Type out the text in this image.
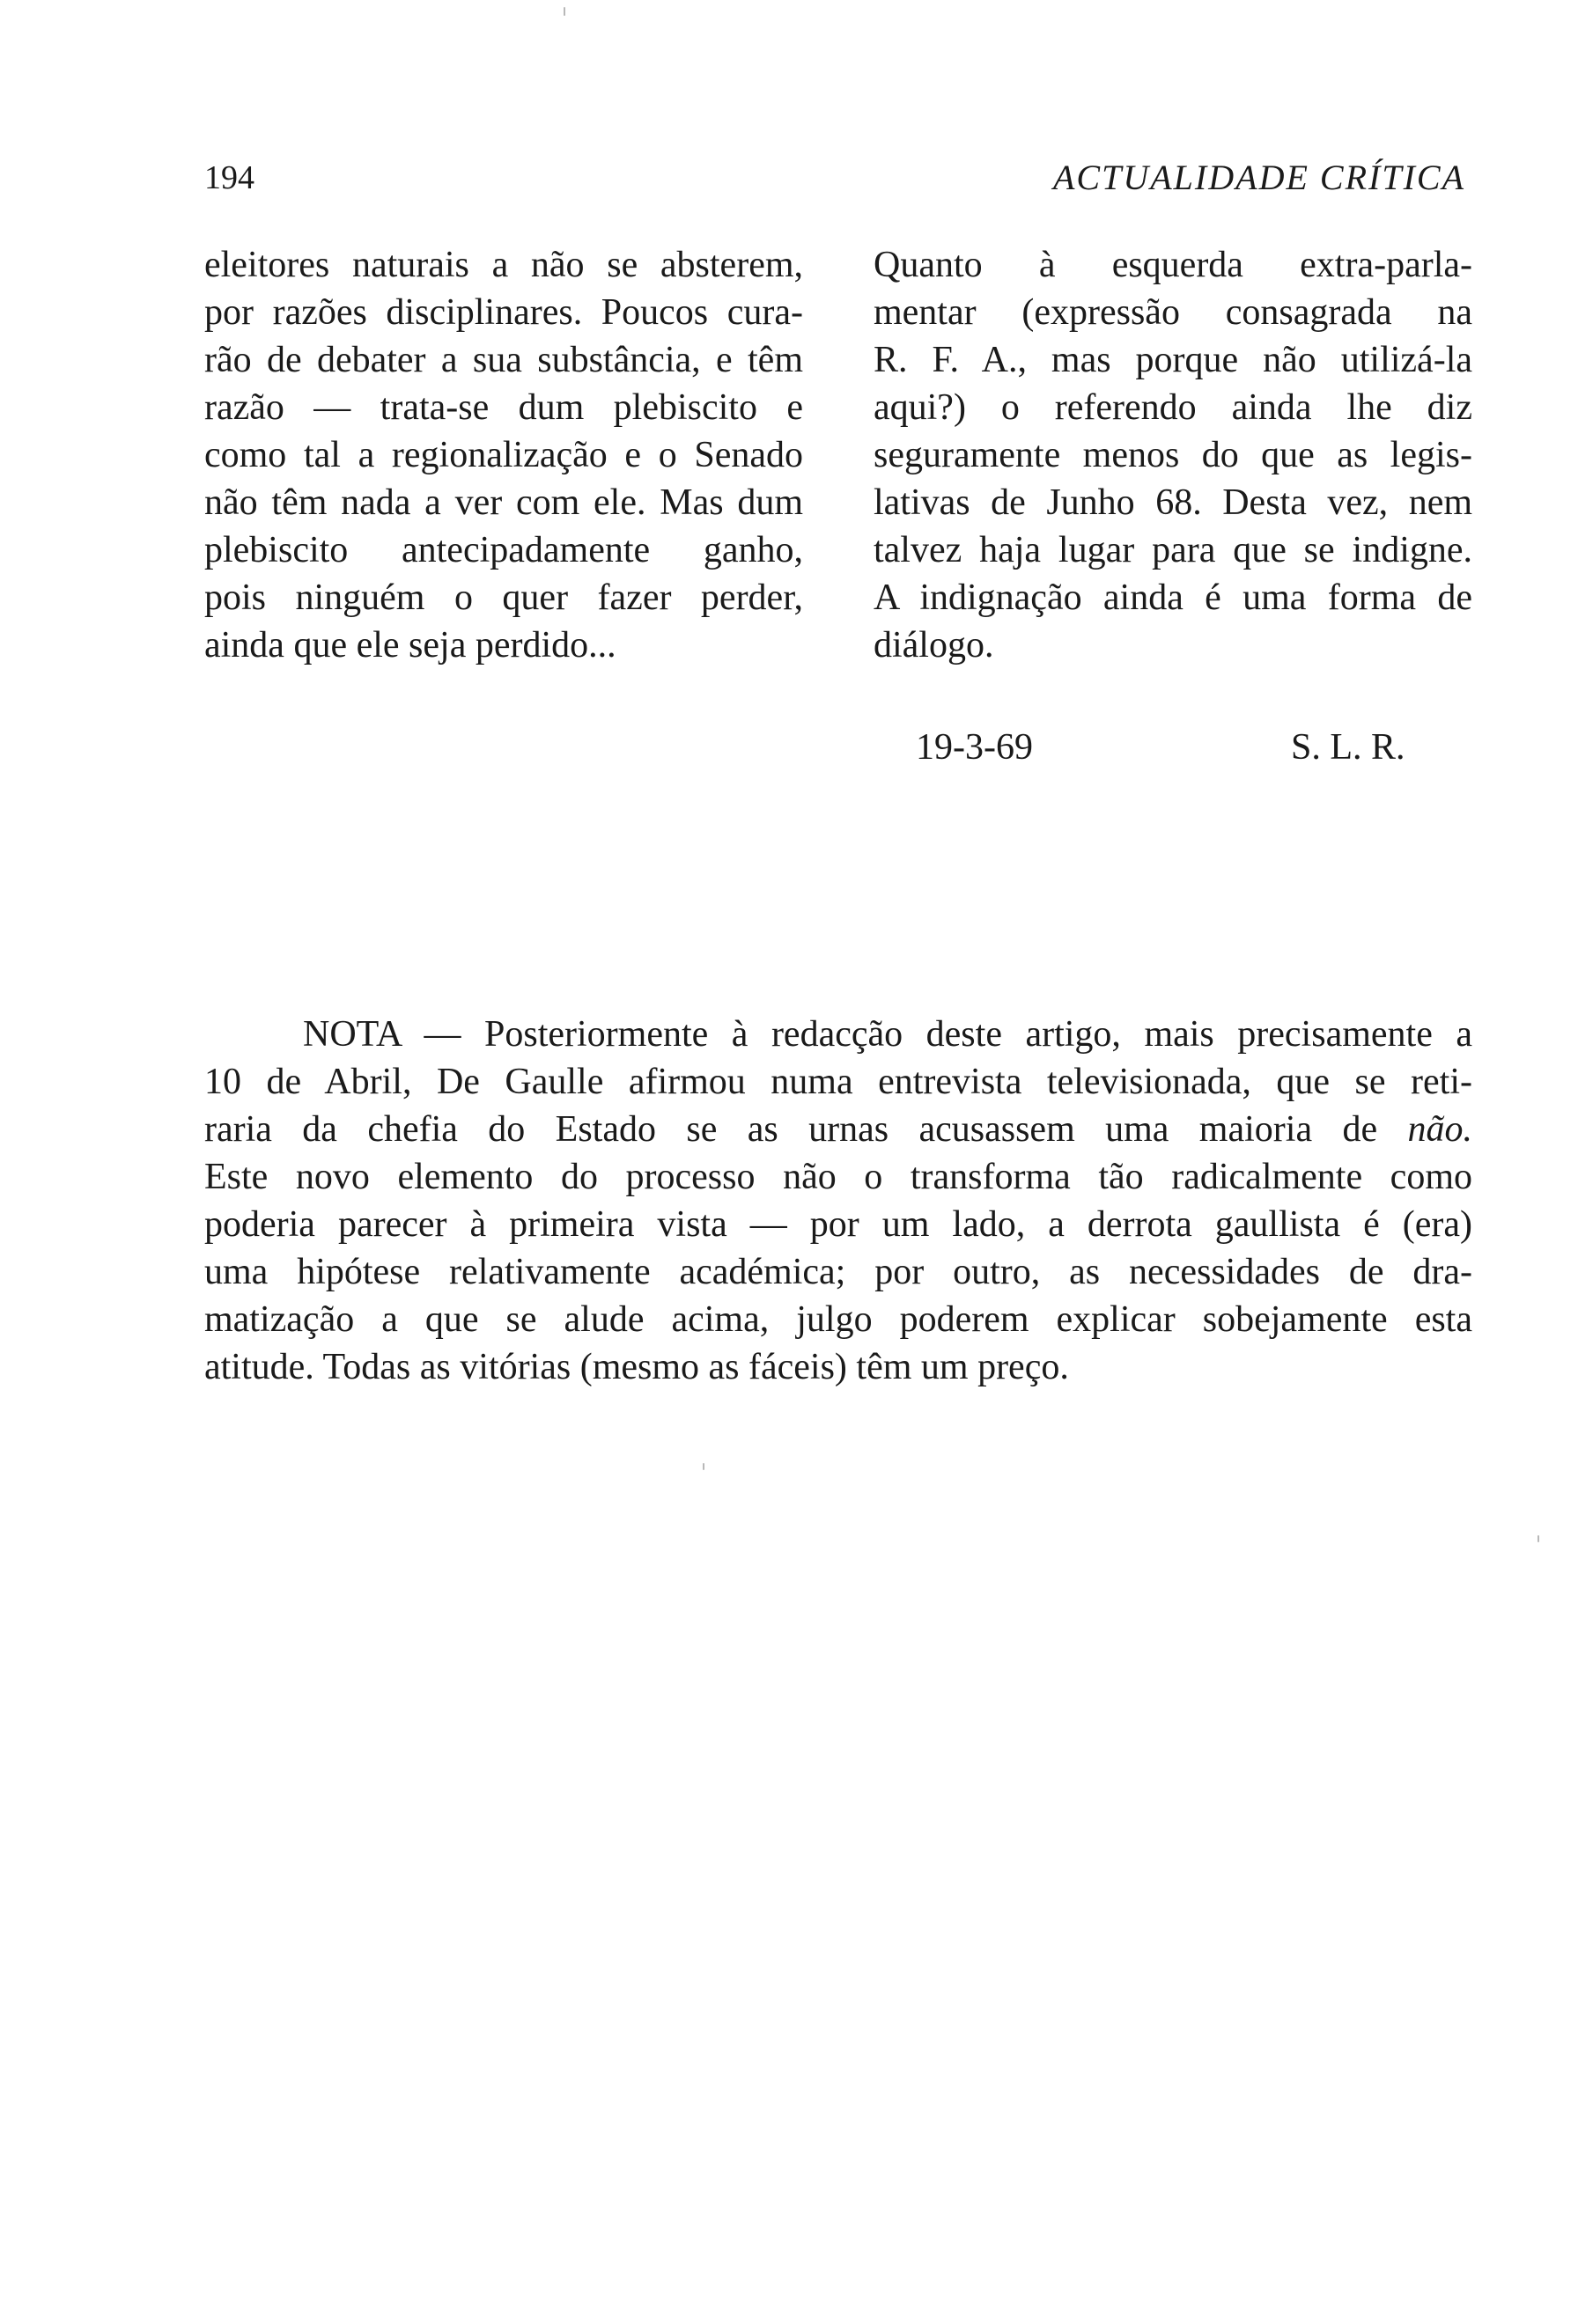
194	ACTUALIDADE CRÍTICA
eleitores naturais a não se absterem,
por razões disciplinares. Poucos cura-
rão de debater a sua substância, e têm
razão — trata-se dum plebiscito e
como tal a regionalização e o Senado
não têm nada a ver com ele. Mas dum
plebiscito antecipadamente ganho,
pois ninguém o quer fazer perder,
ainda que ele seja perdido...
Quanto à esquerda extra-parla-
mentar (expressão consagrada na
R. F. A., mas porque não utilizá-la
aqui?) o referendo ainda lhe diz
seguramente menos do que as legis-
lativas de Junho 68. Desta vez, nem
talvez haja lugar para que se indigne.
A indignação ainda é uma forma de
diálogo.
19-3-69	S. L. R.
NOTA — Posteriormente à redacção deste artigo, mais precisamente a
10 de Abril, De Gaulle afirmou numa entrevista televisionada, que se reti-
raria da chefia do Estado se as urnas acusassem uma maioria de não.
Este novo elemento do processo não o transforma tão radicalmente como
poderia parecer à primeira vista — por um lado, a derrota gaullista é (era)
uma hipótese relativamente académica; por outro, as necessidades de dra-
matização a que se alude acima, julgo poderem explicar sobejamente esta
atitude. Todas as vitórias (mesmo as fáceis) têm um preço.
